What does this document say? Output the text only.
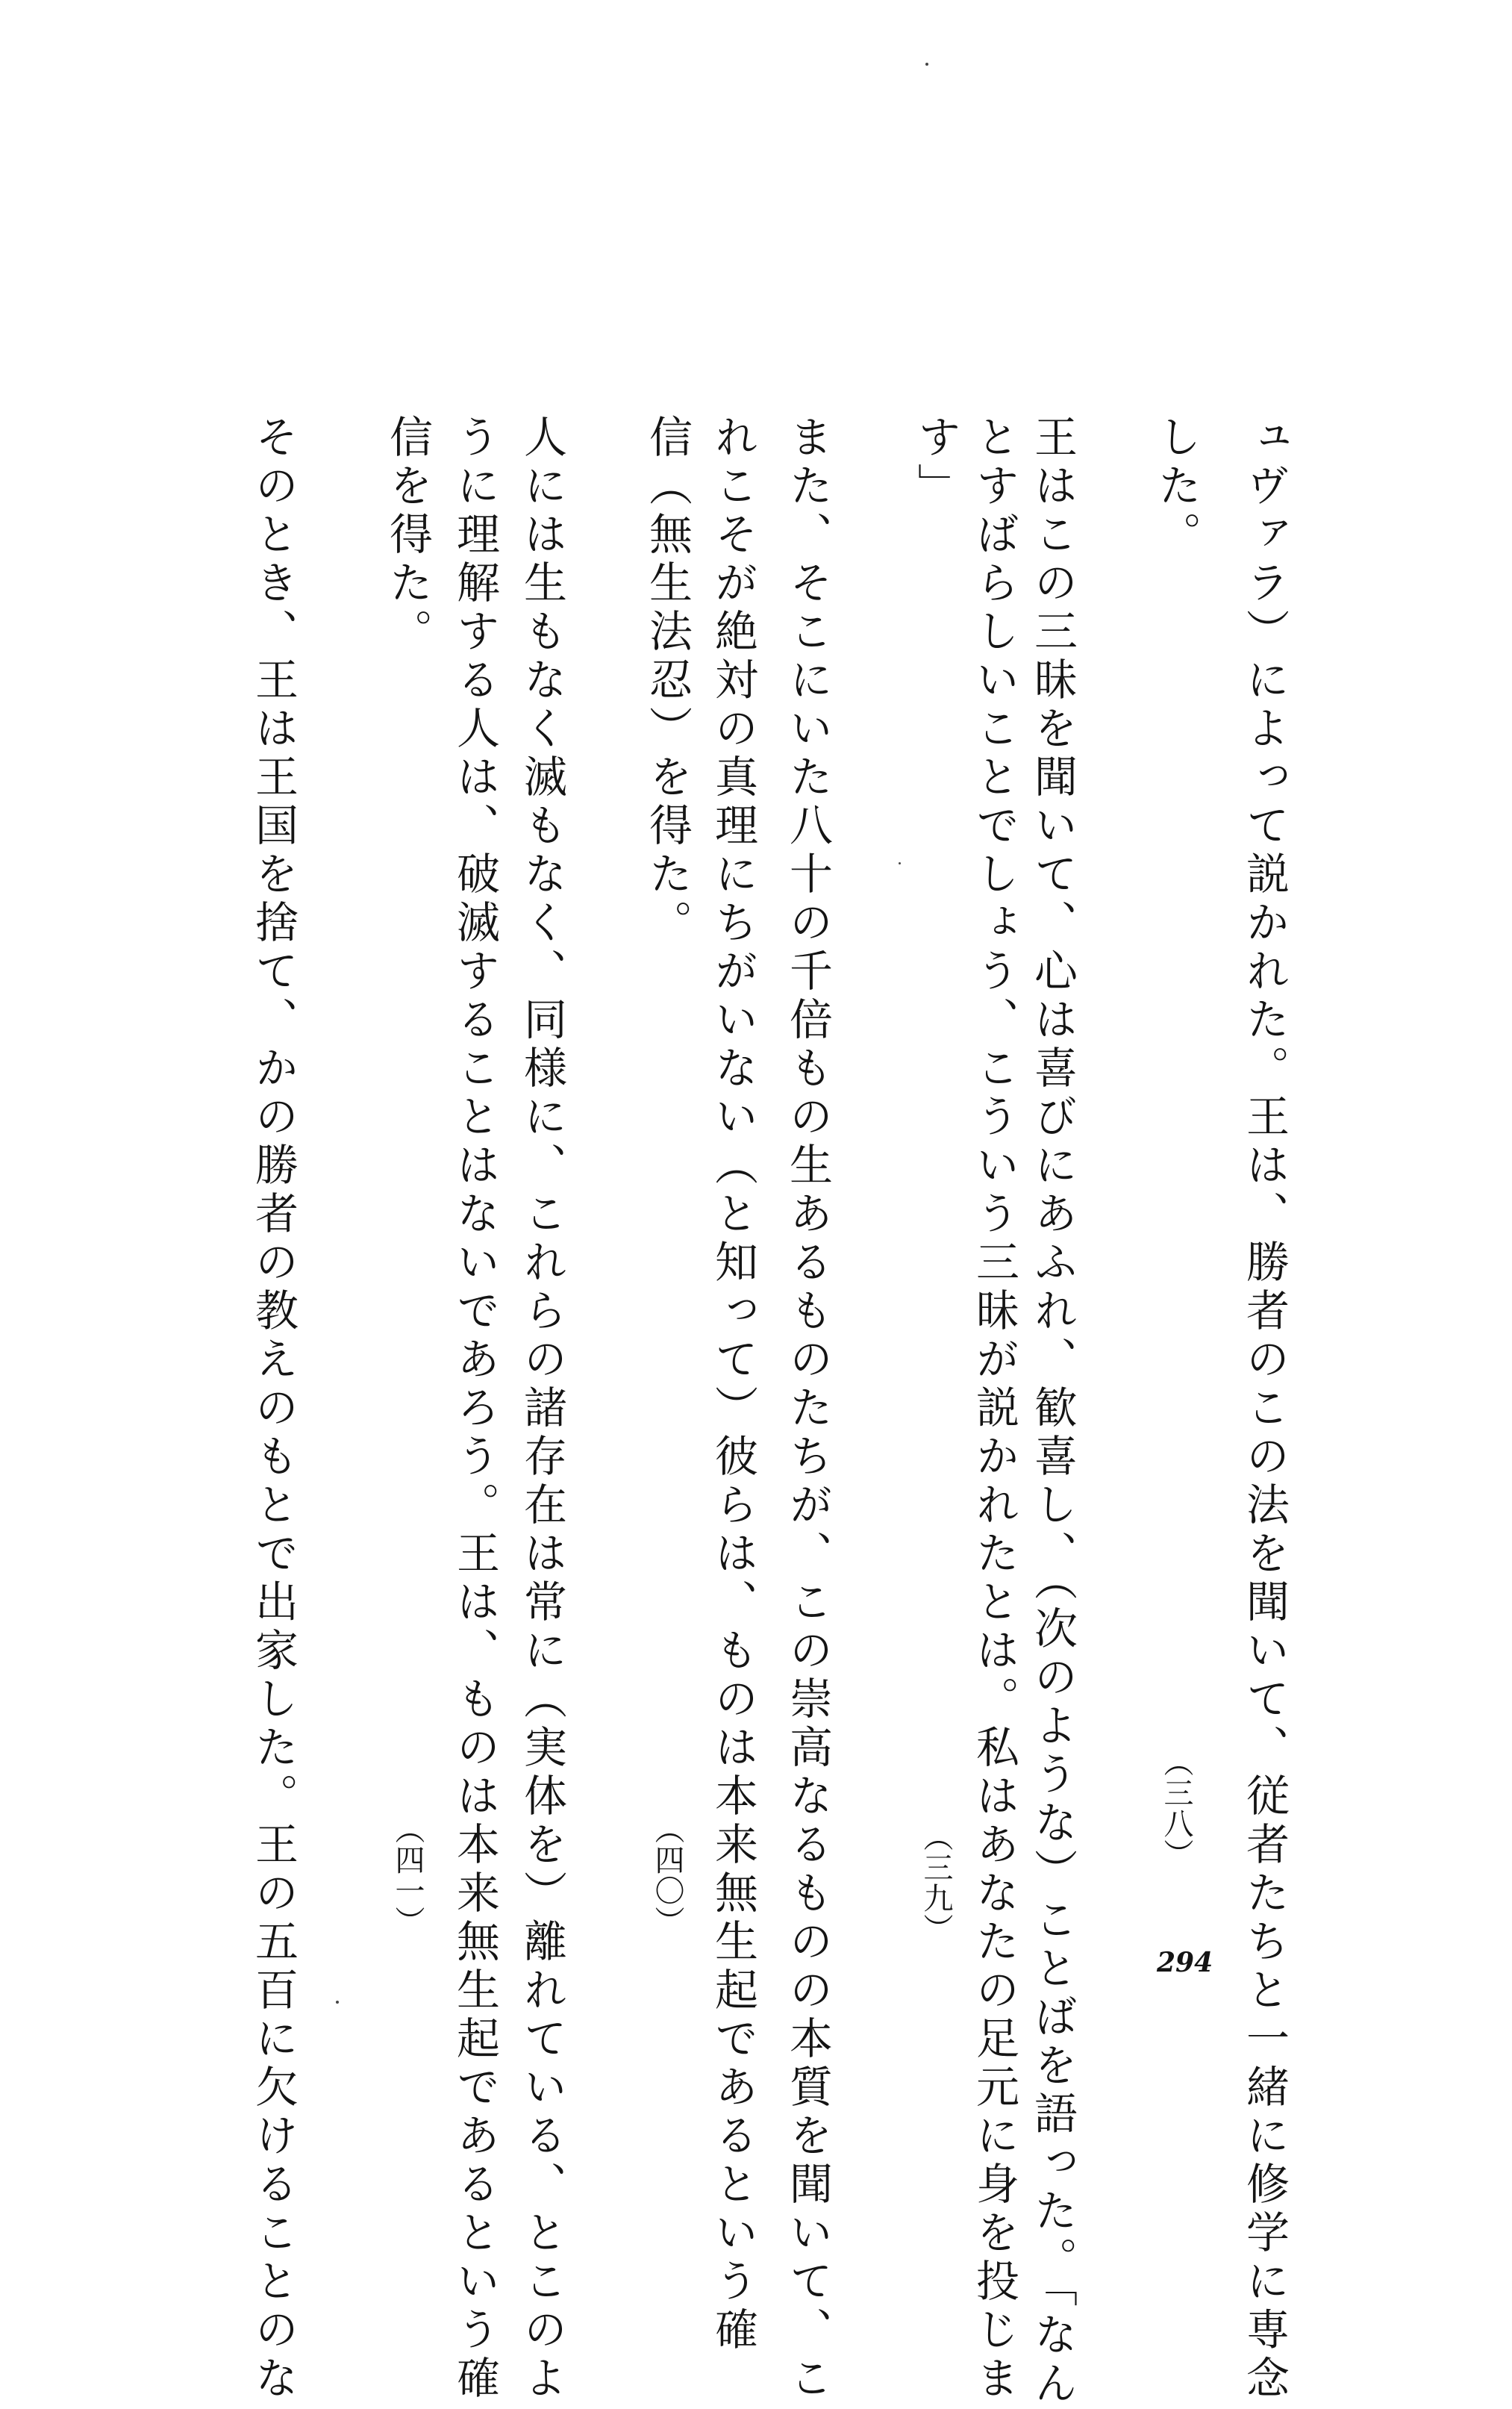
ュヴァラ）によって説かれた。王は、勝者のこの法を聞いて、従者たちと一緒に修学に専念
した。
（三八）
王はこの三昧を聞いて、心は喜びにあふれ、歓喜し、（次のような）ことばを語った。「なん
とすばらしいことでしょう、こういう三昧が説かれたとは。私はあなたの足元に身を投じま
す」
（三九）
また、そこにいた八十の千倍もの生あるものたちが、この崇高なるものの本質を聞いて、こ
れこそが絶対の真理にちがいない（と知って）彼らは、ものは本来無生起であるという確
信（無生法忍）を得た。
（四〇）
人には生もなく滅もなく、同様に、これらの諸存在は常に（実体を）離れている、とこのよ
うに理解する人は、破滅することはないであろう。王は、ものは本来無生起であるという確
信を得た。
（四一）
そのとき、王は王国を捨て、かの勝者の教えのもとで出家した。王の五百に欠けることのな	294
